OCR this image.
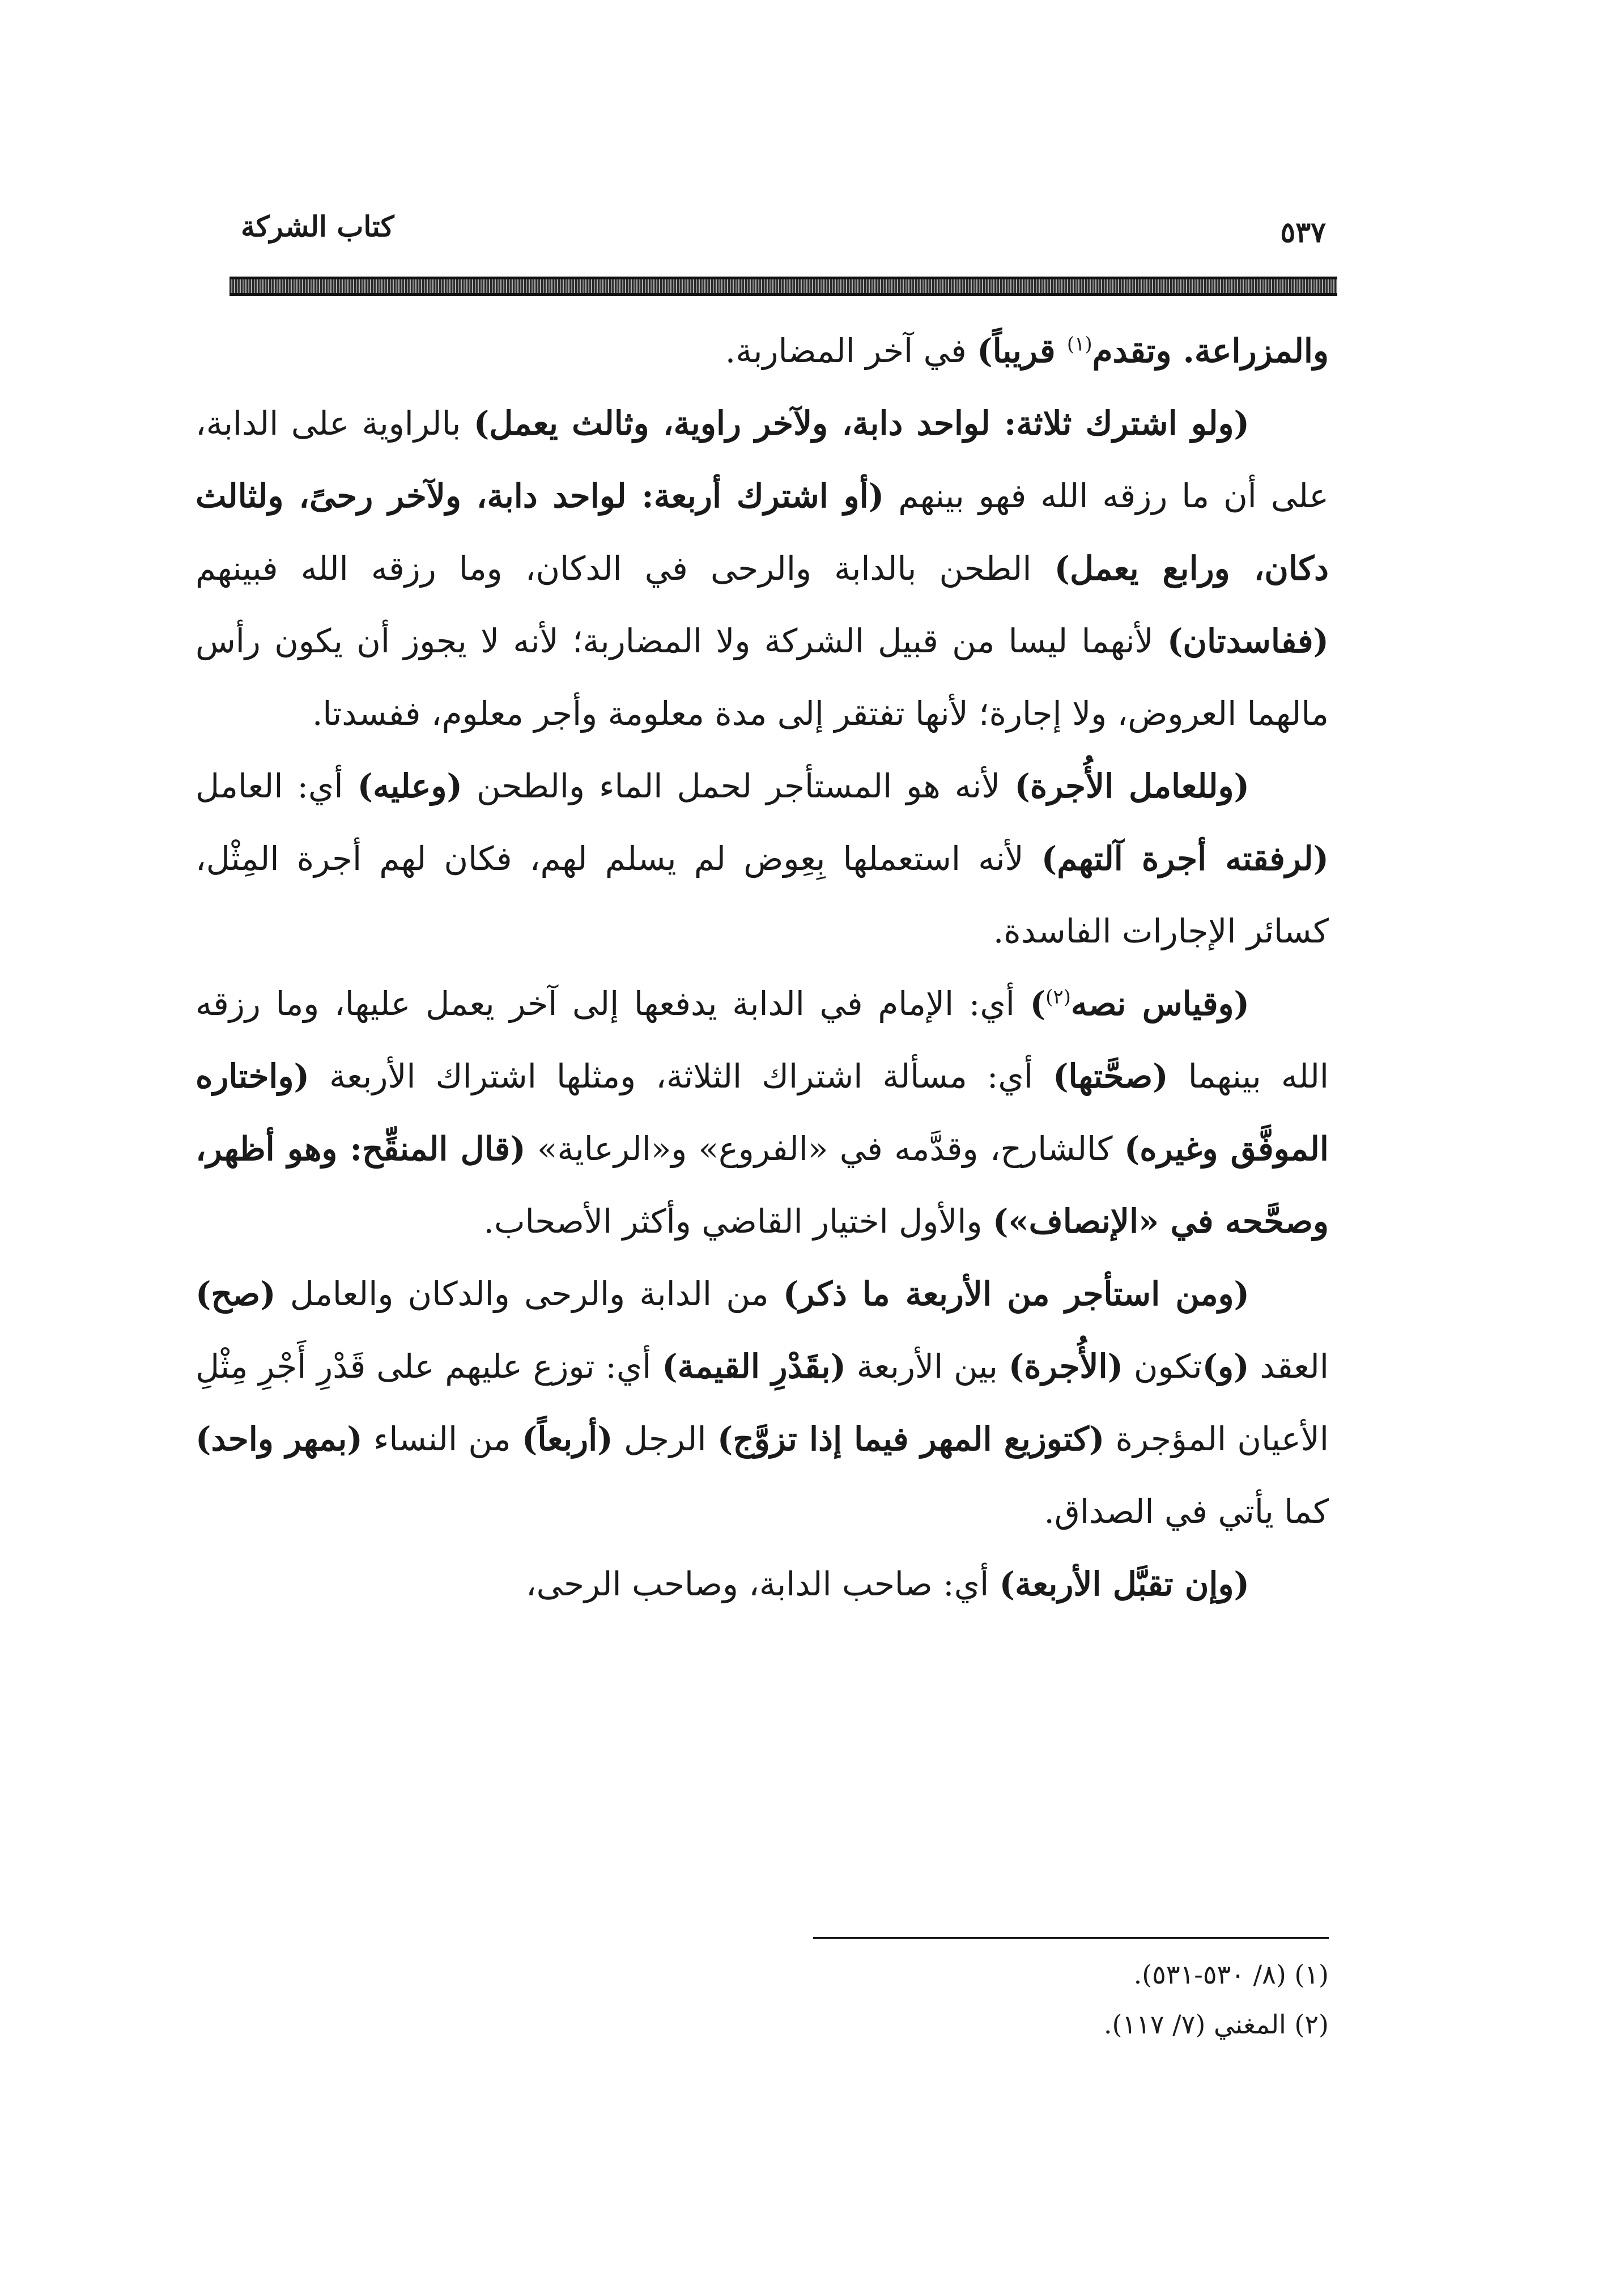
كتاب الشركة	٥٣٧

والمزراعة. وتقدم$^{(١)}$ قريباً) في آخر المضاربة.

(ولو اشترك ثلاثة: لواحد دابة، ولآخر راوية، وثالث يعمل) بالراوية على الدابة، على أن ما رزقه الله فهو بينهم (أو اشترك أربعة: لواحد دابة، ولآخر رحىً، ولثالث دكان، ورابع يعمل) الطحن بالدابة والرحى في الدكان، وما رزقه الله فبينهم (ففاسدتان) لأنهما ليسا من قبيل الشركة ولا المضاربة؛ لأنه لا يجوز أن يكون رأس مالهما العروض، ولا إجارة؛ لأنها تفتقر إلى مدة معلومة وأجر معلوم، ففسدتا.

(وللعامل الأُجرة) لأنه هو المستأجر لحمل الماء والطحن (وعليه) أي: العامل (لرفقته أجرة آلتهم) لأنه استعملها بِعِوض لم يسلم لهم، فكان لهم أجرة المِثْل، كسائر الإجارات الفاسدة.

(وقياس نصه$^{(٢)}$) أي: الإمام في الدابة يدفعها إلى آخر يعمل عليها، وما رزقه الله بينهما (صحَّتها) أي: مسألة اشتراك الثلاثة، ومثلها اشتراك الأربعة (واختاره الموفَّق وغيره) كالشارح، وقدَّمه في «الفروع» و«الرعاية» (قال المنقِّح: وهو أظهر، وصحَّحه في «الإنصاف») والأول اختيار القاضي وأكثر الأصحاب.

(ومن استأجر من الأربعة ما ذكر) من الدابة والرحى والدكان والعامل (صح) العقد (و)تكون (الأُجرة) بين الأربعة (بقَدْرِ القيمة) أي: توزع عليهم على قَدْرِ أَجْرِ مِثْلِ الأعيان المؤجرة (كتوزيع المهر فيما إذا تزوَّج) الرجل (أربعاً) من النساء (بمهر واحد) كما يأتي في الصداق.

(وإن تقبَّل الأربعة) أي: صاحب الدابة، وصاحب الرحى،

(١) (٨/ ٥٣٠-٥٣١).

(٢) المغني (٧/ ١١٧).
